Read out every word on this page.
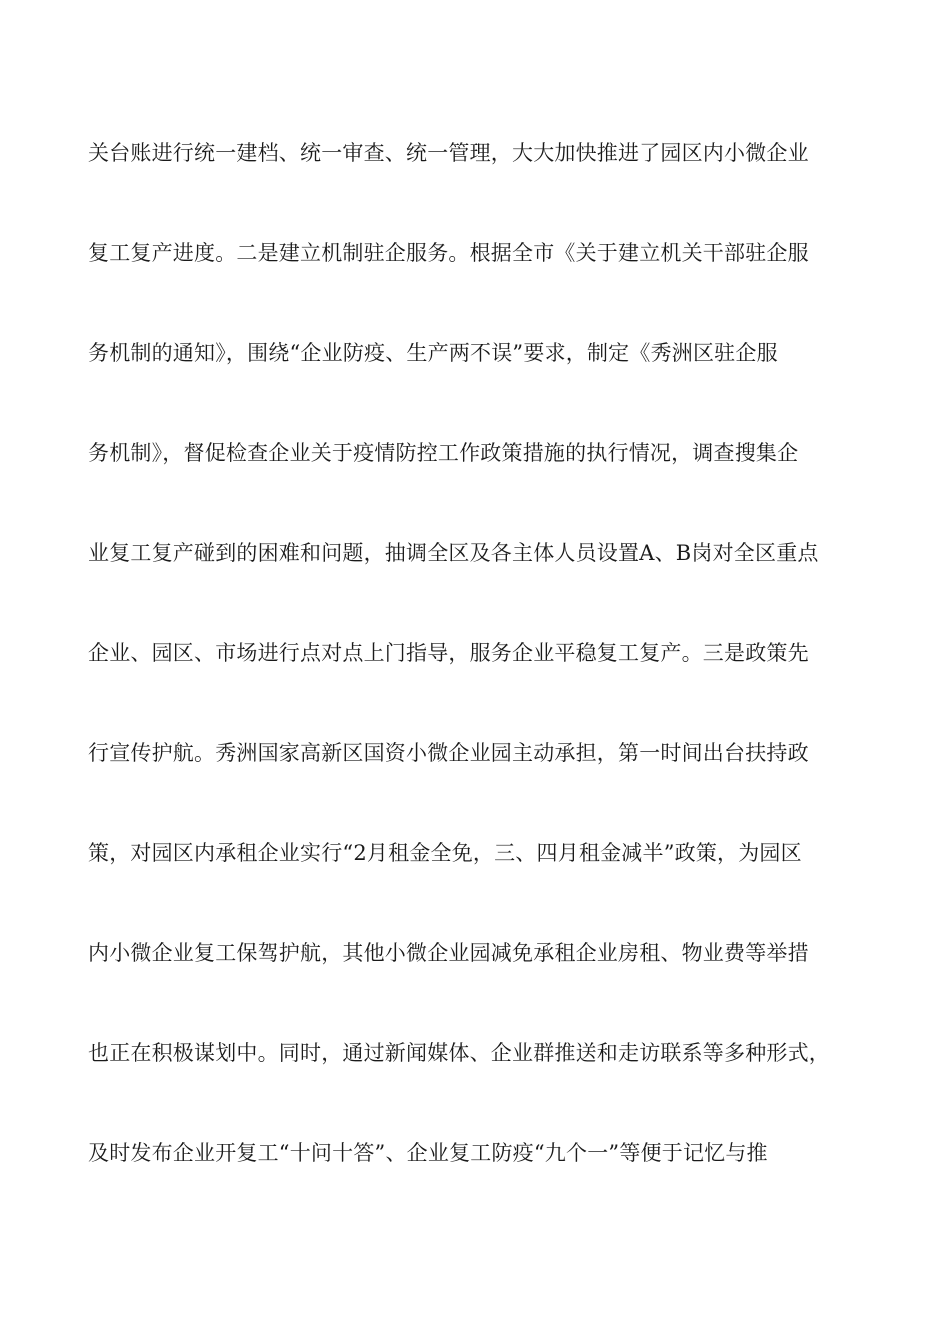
关台账进行统一建档、统一审查、统一管理，大大加快推进了园区内小微企业
复工复产进度。二是建立机制驻企服务。根据全市《关于建立机关干部驻企服
务机制的通知》，围绕“企业防疫、生产两不误”要求，制定《秀洲区驻企服
务机制》，督促检查企业关于疫情防控工作政策措施的执行情况，调查搜集企
业复工复产碰到的困难和问题，抽调全区及各主体人员设置A、B岗对全区重点
企业、园区、市场进行点对点上门指导，服务企业平稳复工复产。三是政策先
行宣传护航。秀洲国家高新区国资小微企业园主动承担，第一时间出台扶持政
策，对园区内承租企业实行“2月租金全免，三、四月租金减半”政策，为园区
内小微企业复工保驾护航，其他小微企业园减免承租企业房租、物业费等举措
也正在积极谋划中。同时，通过新闻媒体、企业群推送和走访联系等多种形式，
及时发布企业开复工“十问十答”、企业复工防疫“九个一”等便于记忆与推
